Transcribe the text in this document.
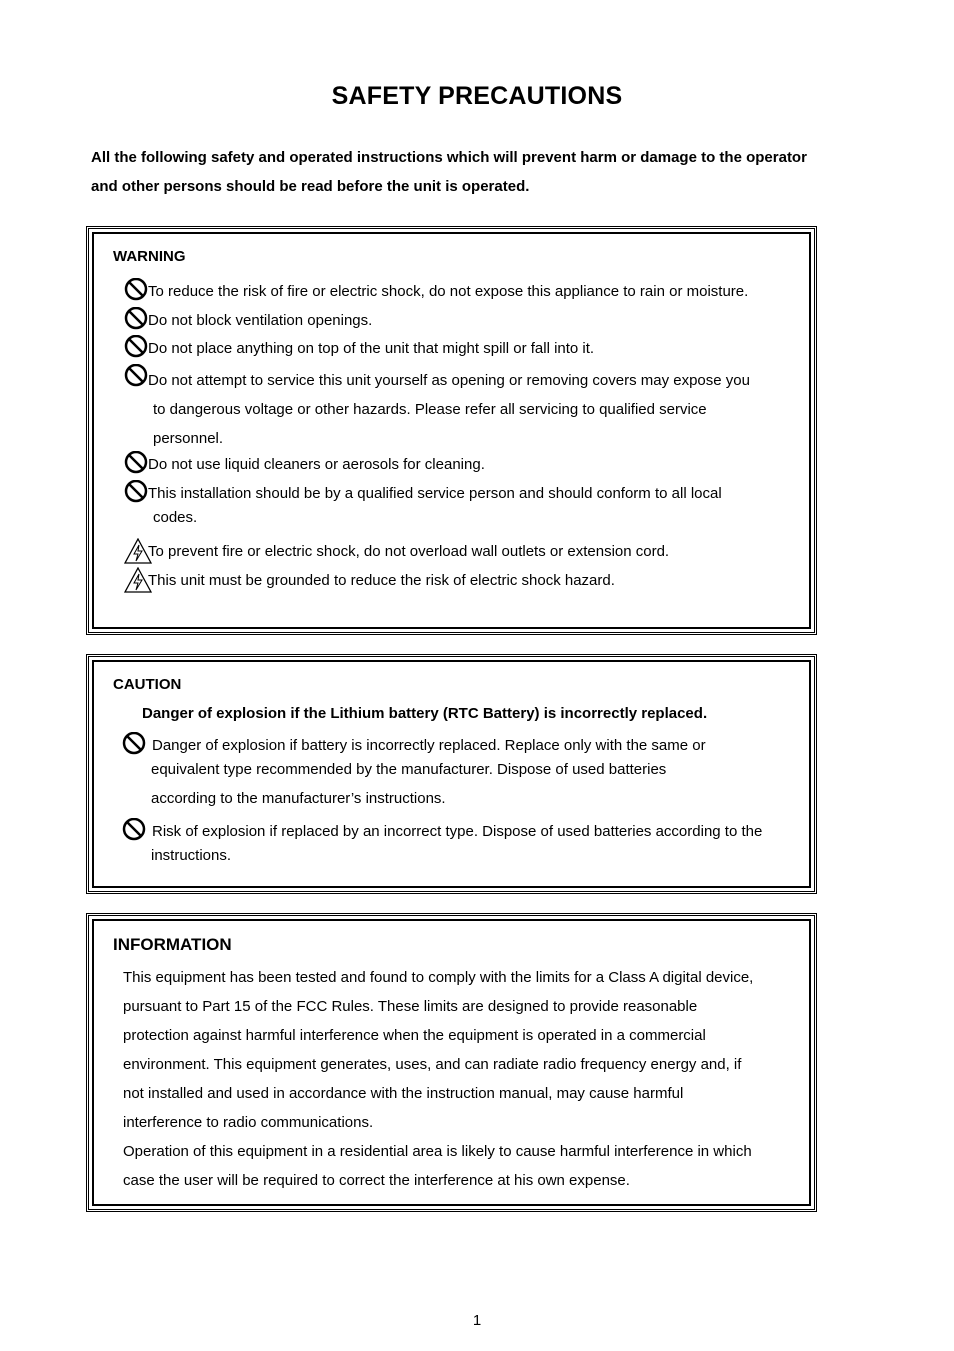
SAFETY PRECAUTIONS
All the following safety and operated instructions which will prevent harm or damage to the operator
and other persons should be read before the unit is operated.
WARNING
To reduce the risk of fire or electric shock, do not expose this appliance to rain or moisture.
Do not block ventilation openings.
Do not place anything on top of the unit that might spill or fall into it.
Do not attempt to service this unit yourself as opening or removing covers may expose you
to dangerous voltage or other hazards. Please refer all servicing to qualified service
personnel.
Do not use liquid cleaners or aerosols for cleaning.
This installation should be by a qualified service person and should conform to all local
codes.
To prevent fire or electric shock, do not overload wall outlets or extension cord.
This unit must be grounded to reduce the risk of electric shock hazard.
CAUTION
Danger of explosion if the Lithium battery (RTC Battery) is incorrectly replaced.
Danger of explosion if battery is incorrectly replaced. Replace only with the same or
equivalent type recommended by the manufacturer. Dispose of used batteries
according to the manufacturer’s instructions.
Risk of explosion if replaced by an incorrect type. Dispose of used batteries according to the
instructions.
INFORMATION
This equipment has been tested and found to comply with the limits for a Class A digital device,
pursuant to Part 15 of the FCC Rules. These limits are designed to provide reasonable
protection against harmful interference when the equipment is operated in a commercial
environment. This equipment generates, uses, and can radiate radio frequency energy and, if
not installed and used in accordance with the instruction manual, may cause harmful
interference to radio communications.
Operation of this equipment in a residential area is likely to cause harmful interference in which
case the user will be required to correct the interference at his own expense.
1
